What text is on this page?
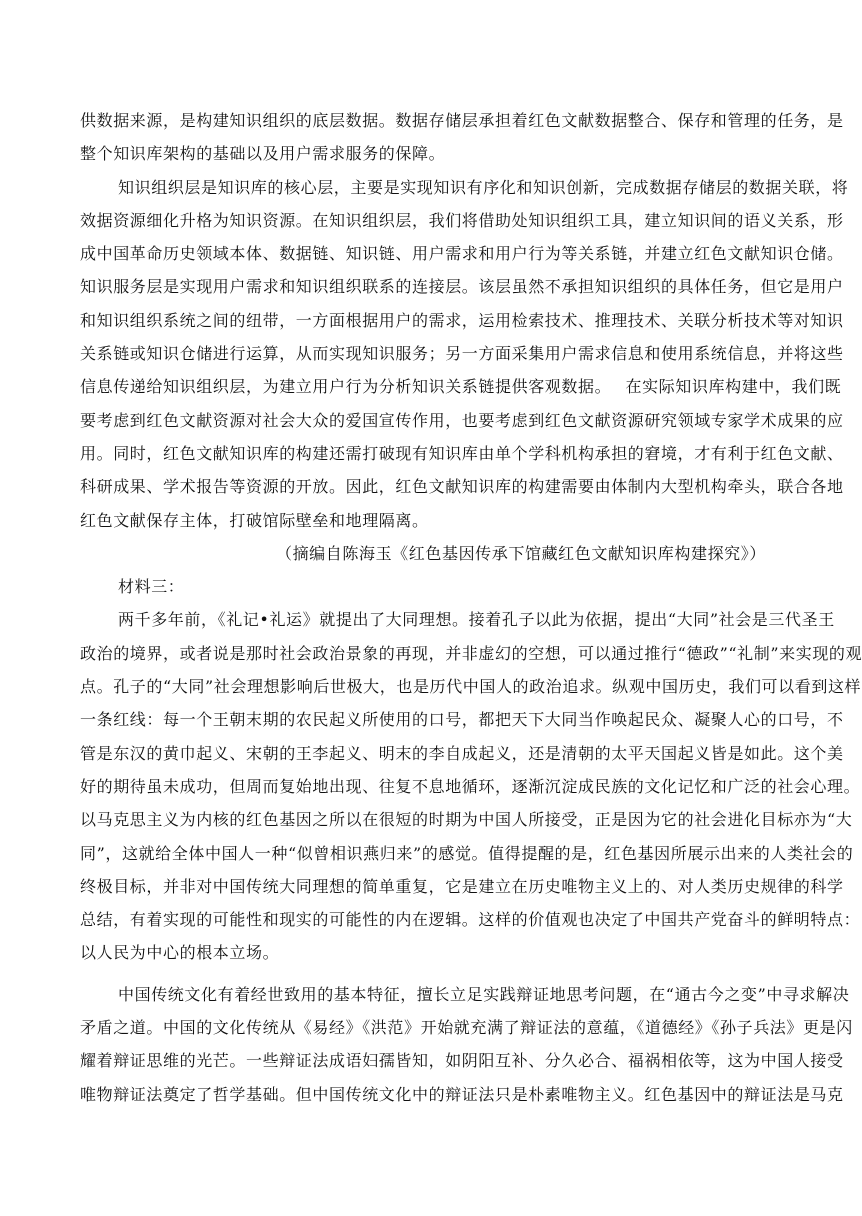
供数据来源，是构建知识组织的底层数据。数据存储层承担着红色文献数据整合、保存和管理的任务，是
整个知识库架构的基础以及用户需求服务的保障。
知识组织层是知识库的核心层，主要是实现知识有序化和知识创新，完成数据存储层的数据关联，将
效据资源细化升格为知识资源。在知识组织层，我们将借助处知识组织工具，建立知识间的语义关系，形
成中国革命历史领域本体、数据链、知识链、用户需求和用户行为等关系链，并建立红色文献知识仓储。
知识服务层是实现用户需求和知识组织联系的连接层。该层虽然不承担知识组织的具体任务，但它是用户
和知识组织系统之间的纽带，一方面根据用户的需求，运用检索技术、推理技术、关联分析技术等对知识
关系链或知识仓储进行运算，从而实现知识服务；另一方面采集用户需求信息和使用系统信息，并将这些
信息传递给知识组织层，为建立用户行为分析知识关系链提供客观数据。　 在实际知识库构建中，我们既
要考虑到红色文献资源对社会大众的爱国宣传作用，也要考虑到红色文献资源研究领域专家学术成果的应
用。同时，红色文献知识库的构建还需打破现有知识库由单个学科机构承担的窘境，才有利于红色文献、
科研成果、学术报告等资源的开放。因此，红色文献知识库的构建需要由体制内大型机构牵头，联合各地
红色文献保存主体，打破馆际壁垒和地理隔离。
（摘编自陈海玉《红色基因传承下馆藏红色文献知识库构建探究》）
材料三：
两千多年前，《礼记•礼运》就提出了大同理想。接着孔子以此为依据，提出“大同”社会是三代圣王
政治的境界，或者说是那时社会政治景象的再现，并非虚幻的空想，可以通过推行“德政”“礼制”来实现的观
点。孔子的“大同”社会理想影响后世极大，也是历代中国人的政治追求。纵观中国历史，我们可以看到这样
一条红线：每一个王朝末期的农民起义所使用的口号，都把天下大同当作唤起民众、凝聚人心的口号，不
管是东汉的黄巾起义、宋朝的王李起义、明末的李自成起义，还是清朝的太平天国起义皆是如此。这个美
好的期待虽未成功，但周而复始地出现、往复不息地循环，逐渐沉淀成民族的文化记忆和广泛的社会心理。
以马克思主义为内核的红色基因之所以在很短的时期为中国人所接受，正是因为它的社会进化目标亦为“大
同”，这就给全体中国人一种“似曾相识燕归来”的感觉。值得提醒的是，红色基因所展示出来的人类社会的
终极目标，并非对中国传统大同理想的简单重复，它是建立在历史唯物主义上的、对人类历史规律的科学
总结，有着实现的可能性和现实的可能性的内在逻辑。这样的价值观也决定了中国共产党奋斗的鲜明特点：
以人民为中心的根本立场。
中国传统文化有着经世致用的基本特征，擅长立足实践辩证地思考问题，在“通古今之变”中寻求解决
矛盾之道。中国的文化传统从《易经》《洪范》开始就充满了辩证法的意蕴，《道德经》《孙子兵法》更是闪
耀着辩证思维的光芒。一些辩证法成语妇孺皆知，如阴阳互补、分久必合、福祸相依等，这为中国人接受
唯物辩证法奠定了哲学基础。但中国传统文化中的辩证法只是朴素唯物主义。红色基因中的辩证法是马克
